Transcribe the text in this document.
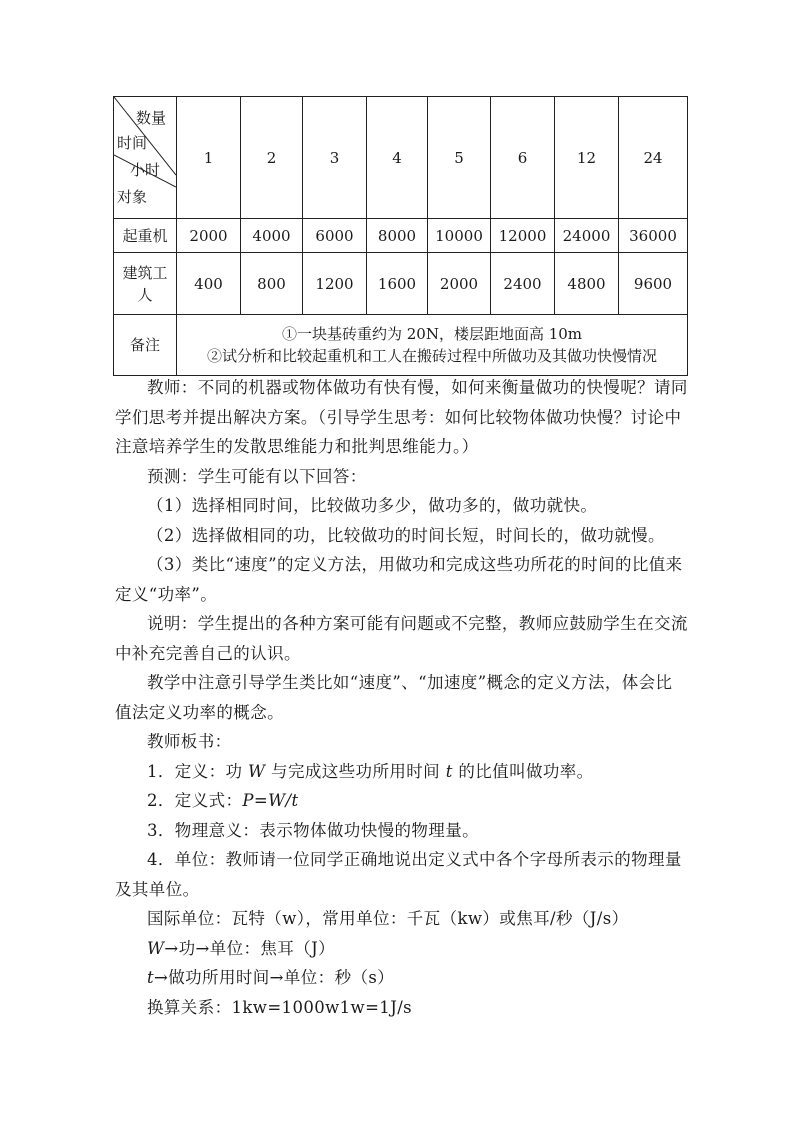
数量
时间
小时
对象	1	2	3	4	5	6	12	24
起重机	2000	4000	6000	8000	10000	12000	24000	36000

建筑工
人	400	800	1200	1600	2000	2400	4800	9600
备注	①一块基砖重约为 20N，楼层距地面高 10m
②试分析和比较起重机和工人在搬砖过程中所做功及其做功快慢情况							

教师：不同的机器或物体做功有快有慢，如何来衡量做功的快慢呢？请同学们思考并提出解决方案。（引导学生思考：如何比较物体做功快慢？讨论中注意培养学生的发散思维能力和批判思维能力。）

预测：学生可能有以下回答：

（1）选择相同时间，比较做功多少，做功多的，做功就快。

（2）选择做相同的功，比较做功的时间长短，时间长的，做功就慢。

（3）类比“速度”的定义方法，用做功和完成这些功所花的时间的比值来定义“功率”。

说明：学生提出的各种方案可能有问题或不完整，教师应鼓励学生在交流中补充完善自己的认识。

教学中注意引导学生类比如“速度”、“加速度”概念的定义方法，体会比值法定义功率的概念。

教师板书：

1．定义：功 W 与完成这些功所用时间 t 的比值叫做功率。

2．定义式：P=W/t

3．物理意义：表示物体做功快慢的物理量。

4．单位：教师请一位同学正确地说出定义式中各个字母所表示的物理量及其单位。

国际单位：瓦特（w），常用单位：千瓦（kw）或焦耳/秒（J/s）

W→功→单位：焦耳（J）

t→做功所用时间→单位：秒（s）

换算关系：1kw=1000w1w=1J/s
